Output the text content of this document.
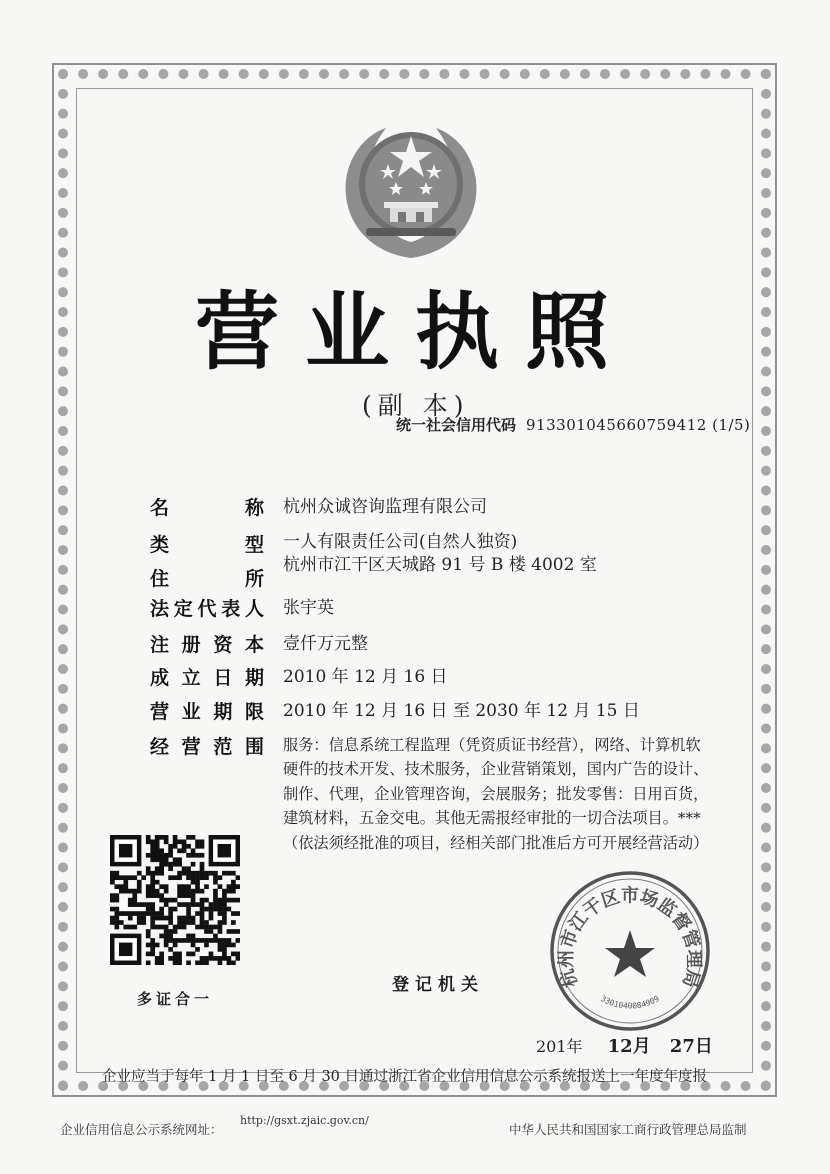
营业执照
(副 本)
统一社会信用代码 913301045660759412 (1/5)
名称 杭州众诚咨询监理有限公司
类型 一人有限责任公司(自然人独资)
住所
杭州市江干区天城路 91 号 B 楼 4002 室
法定代表人 张宇英
注册资本 壹仟万元整
成立日期 2010 年 12 月 16 日
营业期限 2010 年 12 月 16 日 至 2030 年 12 月 15 日
经营范围 服务：信息系统工程监理（凭资质证书经营），网络、计算机软
硬件的技术开发、技术服务，企业营销策划，国内广告的设计、
制作、代理，企业管理咨询，会展服务；批发零售：日用百货，
建筑材料，五金交电。其他无需报经审批的一切合法项目。***
（依法须经批准的项目，经相关部门批准后方可开展经营活动）
多证合一
登记机关	杭州市江干区市场监督管理局
3301040084909
201年 12月 27日
企业应当于每年 1 月 1 日至 6 月 30 日通过浙江省企业信用信息公示系统报送上一年度年度报
企业信用信息公示系统网址：
http://gsxt.zjaic.gov.cn/
中华人民共和国国家工商行政管理总局监制
